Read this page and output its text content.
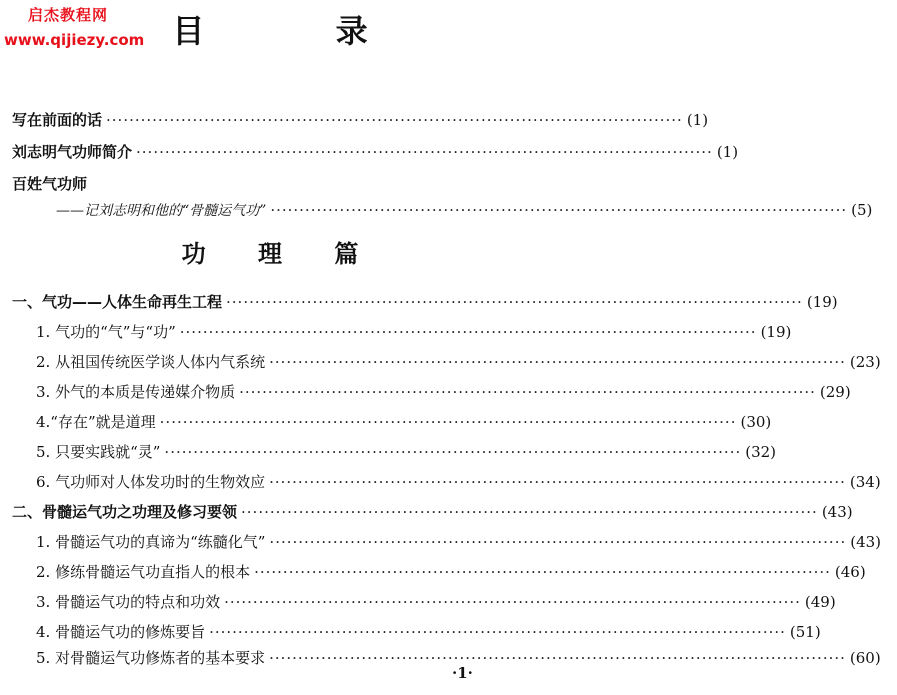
启杰教程网
www.qijiezy.com 目 录
写在前面的话 ···································································································· (1)
刘志明气功师简介 ···································································································· (1)
百姓气功师
——记刘志明和他的“骨髓运气功” ···································································································· (5)
功 理 篇
一、气功——人体生命再生工程 ···································································································· (19)
1. 气功的“气”与“功” ···································································································· (19)
2. 从祖国传统医学谈人体内气系统 ···································································································· (23)
3. 外气的本质是传递媒介物质 ···································································································· (29)
4.“存在”就是道理 ···································································································· (30)
5. 只要实践就“灵” ···································································································· (32)
6. 气功师对人体发功时的生物效应 ···································································································· (34)
二、骨髓运气功之功理及修习要领 ···································································································· (43)
1. 骨髓运气功的真谛为“练髓化气” ···································································································· (43)
2. 修练骨髓运气功直指人的根本 ···································································································· (46)
3. 骨髓运气功的特点和功效 ···································································································· (49)
4. 骨髓运气功的修炼要旨 ···································································································· (51)
5. 对骨髓运气功修炼者的基本要求 ···································································································· (60)
·1·
